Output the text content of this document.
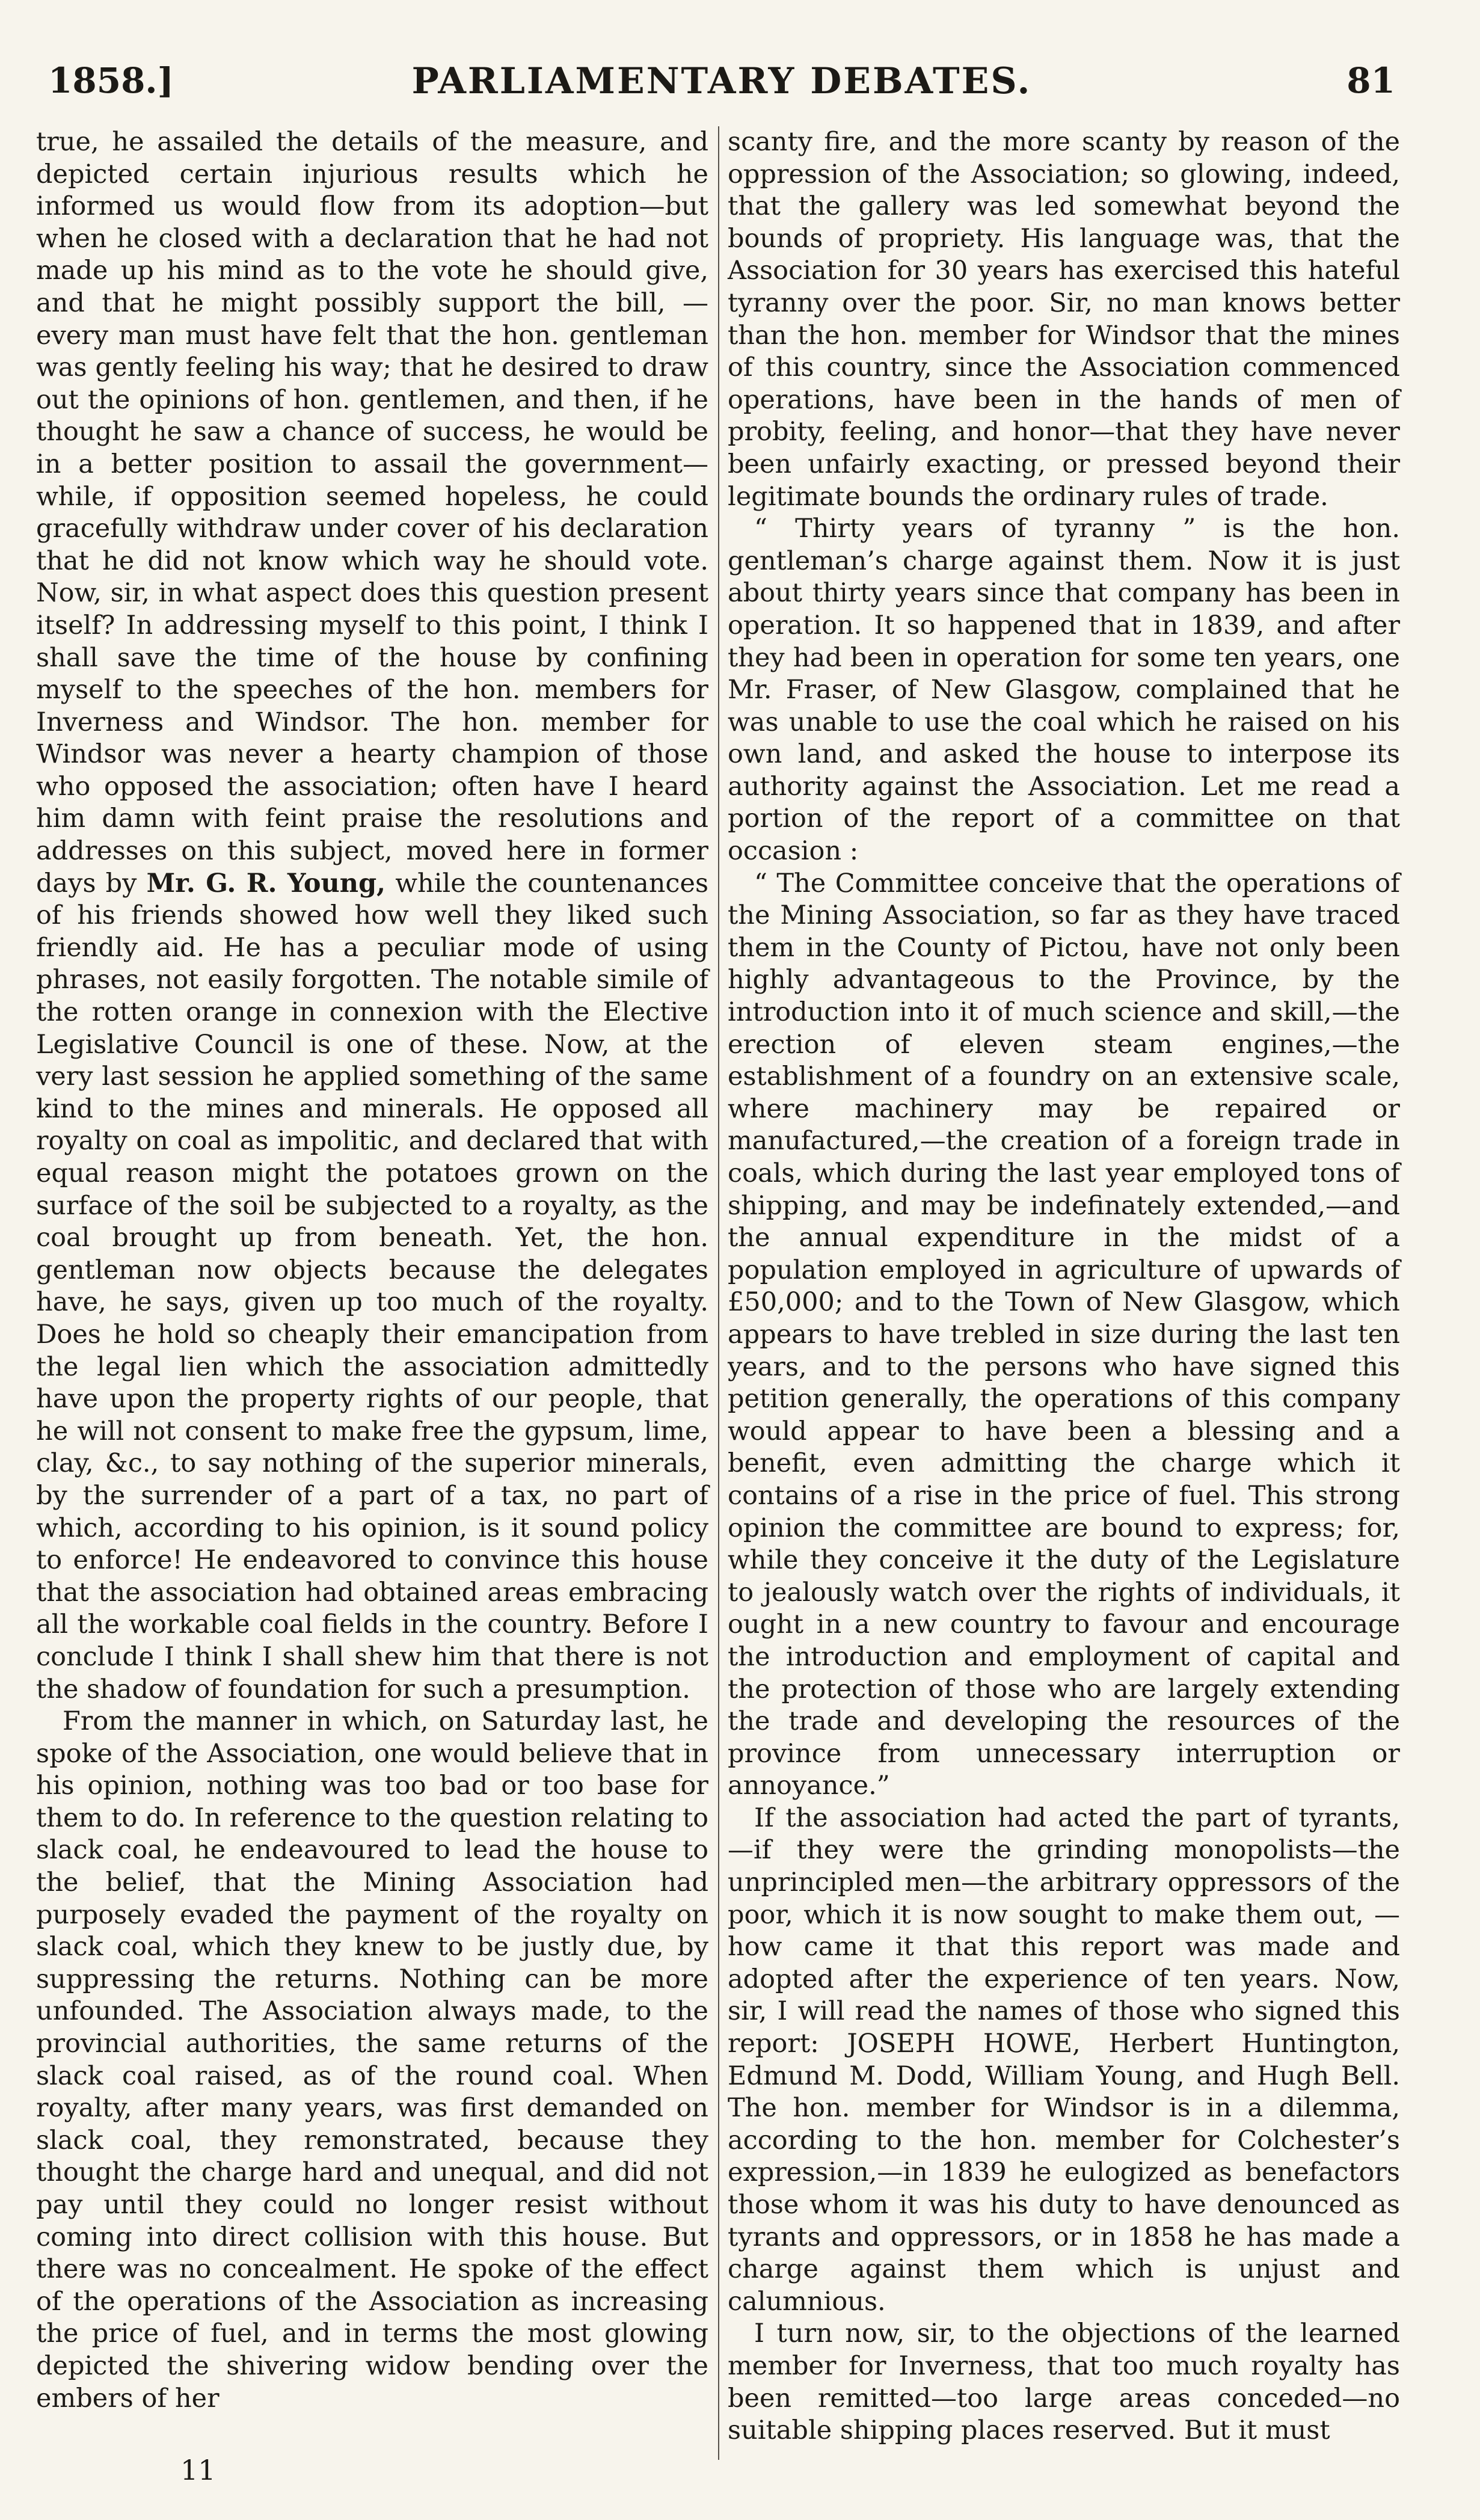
1858.]	PARLIAMENTARY DEBATES.	81

true, he assailed the details of the measure, and depicted certain injurious results which he informed us would flow from its adoption—but when he closed with a declaration that he had not made up his mind as to the vote he should give, and that he might possibly support the bill, —every man must have felt that the hon. gentleman was gently feeling his way; that he desired to draw out the opinions of hon. gentlemen, and then, if he thought he saw a chance of success, he would be in a better position to assail the government—while, if opposition seemed hopeless, he could gracefully withdraw under cover of his declaration that he did not know which way he should vote. Now, sir, in what aspect does this question present itself? In addressing myself to this point, I think I shall save the time of the house by confining myself to the speeches of the hon. members for Inverness and Windsor. The hon. member for Windsor was never a hearty champion of those who opposed the association; often have I heard him damn with feint praise the resolutions and addresses on this subject, moved here in former days by Mr. G. R. Young, while the countenances of his friends showed how well they liked such friendly aid. He has a peculiar mode of using phrases, not easily forgotten. The notable simile of the rotten orange in connexion with the Elective Legislative Council is one of these. Now, at the very last session he applied something of the same kind to the mines and minerals. He opposed all royalty on coal as impolitic, and declared that with equal reason might the potatoes grown on the surface of the soil be subjected to a royalty, as the coal brought up from beneath. Yet, the hon. gentleman now objects because the delegates have, he says, given up too much of the royalty. Does he hold so cheaply their emancipation from the legal lien which the association admittedly have upon the property rights of our people, that he will not consent to make free the gypsum, lime, clay, &c., to say nothing of the superior minerals, by the surrender of a part of a tax, no part of which, according to his opinion, is it sound policy to enforce! He endeavored to convince this house that the association had obtained areas embracing all the workable coal fields in the country. Before I conclude I think I shall shew him that there is not the shadow of foundation for such a presumption.

From the manner in which, on Saturday last, he spoke of the Association, one would believe that in his opinion, nothing was too bad or too base for them to do. In reference to the question relating to slack coal, he endeavoured to lead the house to the belief, that the Mining Association had purposely evaded the payment of the royalty on slack coal, which they knew to be justly due, by suppressing the returns. Nothing can be more unfounded. The Association always made, to the provincial authorities, the same returns of the slack coal raised, as of the round coal. When royalty, after many years, was first demanded on slack coal, they remonstrated, because they thought the charge hard and unequal, and did not pay until they could no longer resist without coming into direct collision with this house. But there was no concealment. He spoke of the effect of the operations of the Association as increasing the price of fuel, and in terms the most glowing depicted the shivering widow bending over the embers of her

scanty fire, and the more scanty by reason of the oppression of the Association; so glowing, indeed, that the gallery was led somewhat beyond the bounds of propriety. His language was, that the Association for 30 years has exercised this hateful tyranny over the poor. Sir, no man knows better than the hon. member for Windsor that the mines of this country, since the Association commenced operations, have been in the hands of men of probity, feeling, and honor—that they have never been unfairly exacting, or pressed beyond their legitimate bounds the ordinary rules of trade.

“ Thirty years of tyranny ” is the hon. gentleman’s charge against them. Now it is just about thirty years since that company has been in operation. It so happened that in 1839, and after they had been in operation for some ten years, one Mr. Fraser, of New Glasgow, complained that he was unable to use the coal which he raised on his own land, and asked the house to interpose its authority against the Association. Let me read a portion of the report of a committee on that occasion :

“ The Committee conceive that the operations of the Mining Association, so far as they have traced them in the County of Pictou, have not only been highly advantageous to the Province, by the introduction into it of much science and skill,—the erection of eleven steam engines,—the establishment of a foundry on an extensive scale, where machinery may be repaired or manufactured,—the creation of a foreign trade in coals, which during the last year employed tons of shipping, and may be indefinately extended,—and the annual expenditure in the midst of a population employed in agriculture of upwards of £50,000; and to the Town of New Glasgow, which appears to have trebled in size during the last ten years, and to the persons who have signed this petition generally, the operations of this company would appear to have been a blessing and a benefit, even admitting the charge which it contains of a rise in the price of fuel. This strong opinion the committee are bound to express; for, while they conceive it the duty of the Legislature to jealously watch over the rights of individuals, it ought in a new country to favour and encourage the introduction and employment of capital and the protection of those who are largely extending the trade and developing the resources of the province from unnecessary interruption or annoyance.”

If the association had acted the part of tyrants, —if they were the grinding monopolists—the unprincipled men—the arbitrary oppressors of the poor, which it is now sought to make them out, —how came it that this report was made and adopted after the experience of ten years. Now, sir, I will read the names of those who signed this report: JOSEPH HOWE, Herbert Huntington, Edmund M. Dodd, William Young, and Hugh Bell. The hon. member for Windsor is in a dilemma, according to the hon. member for Colchester’s expression,—in 1839 he eulogized as benefactors those whom it was his duty to have denounced as tyrants and oppressors, or in 1858 he has made a charge against them which is unjust and calumnious.

I turn now, sir, to the objections of the learned member for Inverness, that too much royalty has been remitted—too large areas conceded—no suitable shipping places reserved. But it must

11
